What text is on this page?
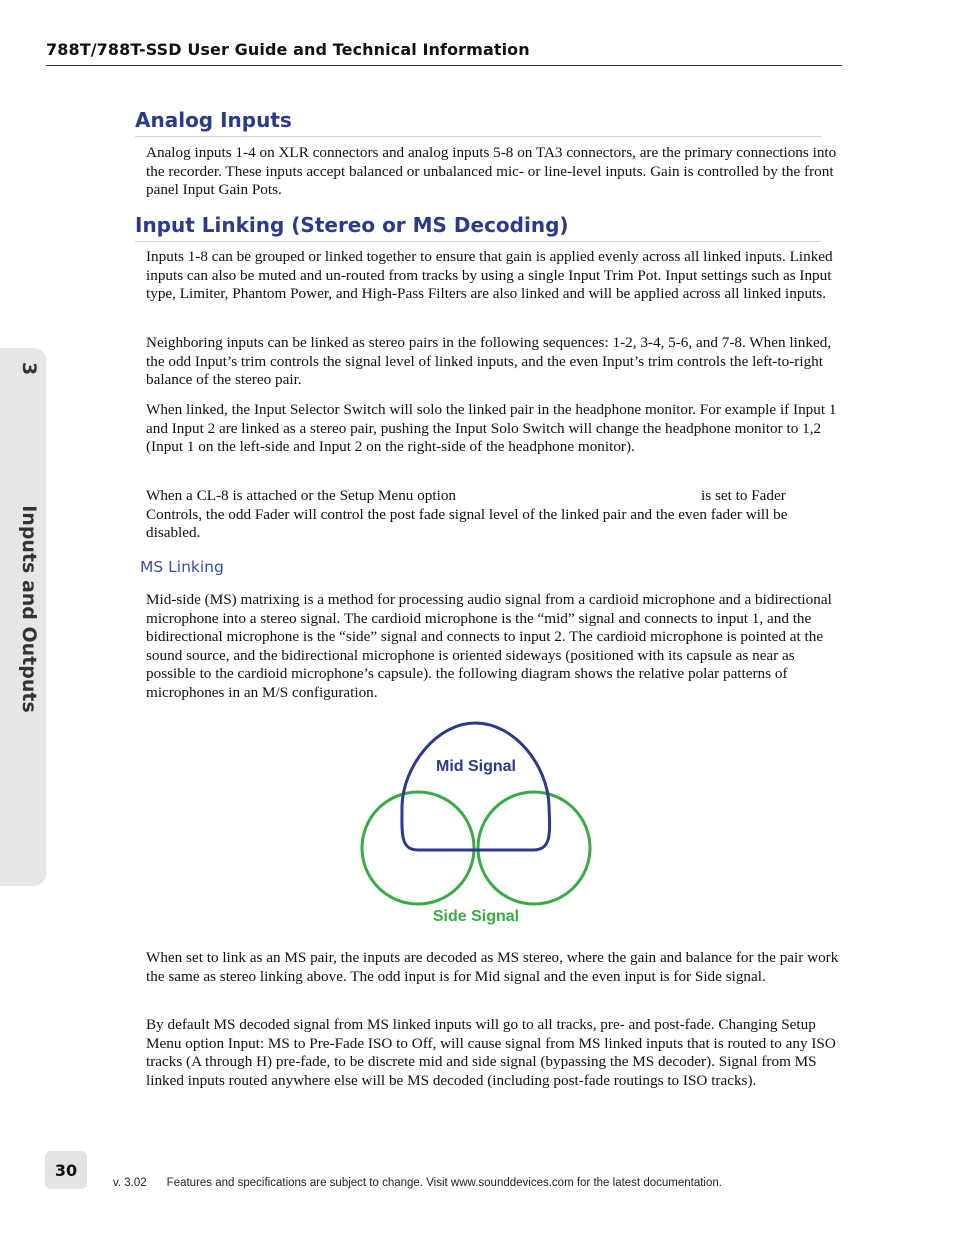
788T/788T-SSD User Guide and Technical Information
3Inputs and Outputs
Analog Inputs

Analog inputs 1-4 on XLR connectors and analog inputs 5-8 on TA3 connectors, are the primary connections into the recorder. These inputs accept balanced or unbalanced mic- or line-level inputs. Gain is controlled by the front panel Input Gain Pots.

Input Linking (Stereo or MS Decoding)

Inputs 1-8 can be grouped or linked together to ensure that gain is applied evenly across all linked inputs. Linked inputs can also be muted and un-routed from tracks by using a single Input Trim Pot. Input settings such as Input type, Limiter, Phantom Power, and High-Pass Filters are also linked and will be applied across all linked inputs.

Neighboring inputs can be linked as stereo pairs in the following sequences: 1-2, 3-4, 5-6, and 7-8. When linked, the odd Input’s trim controls the signal level of linked inputs, and the even Input’s trim controls the left-to-right balance of the stereo pair.

When linked, the Input Selector Switch will solo the linked pair in the headphone monitor. For example if Input 1 and Input 2 are linked as a stereo pair, pushing the Input Solo Switch will change the headphone monitor to 1,2 (Input 1 on the left-side and Input 2 on the right-side of the headphone monitor).

When a CL-8 is attached or the Setup Menu option	is set to Fader Controls, the odd Fader will control the post fade signal level of the linked pair and the even fader will be disabled.

MS Linking

Mid-side (MS) matrixing is a method for processing audio signal from a cardioid microphone and a bidirectional microphone into a stereo signal. The cardioid microphone is the “mid” signal and connects to input 1, and the bidirectional microphone is the “side” signal and connects to input 2. The cardioid microphone is pointed at the sound source, and the bidirectional microphone is oriented sideways (positioned with its capsule as near as possible to the cardioid microphone’s capsule). the following diagram shows the relative polar patterns of microphones in an M/S configuration.

Mid Signal
Side Signal

When set to link as an MS pair, the inputs are decoded as MS stereo, where the gain and balance for the pair work the same as stereo linking above. The odd input is for Mid signal and the even input is for Side signal.

By default MS decoded signal from MS linked inputs will go to all tracks, pre- and post-fade. Changing Setup Menu option Input: MS to Pre-Fade ISO to Off, will cause signal from MS linked inputs that is routed to any ISO tracks (A through H) pre-fade, to be discrete mid and side signal (bypassing the MS decoder). Signal from MS linked inputs routed anywhere else will be MS decoded (including post-fade routings to ISO tracks).

30
v. 3.02 Features and specifications are subject to change. Visit www.sounddevices.com for the latest documentation.
